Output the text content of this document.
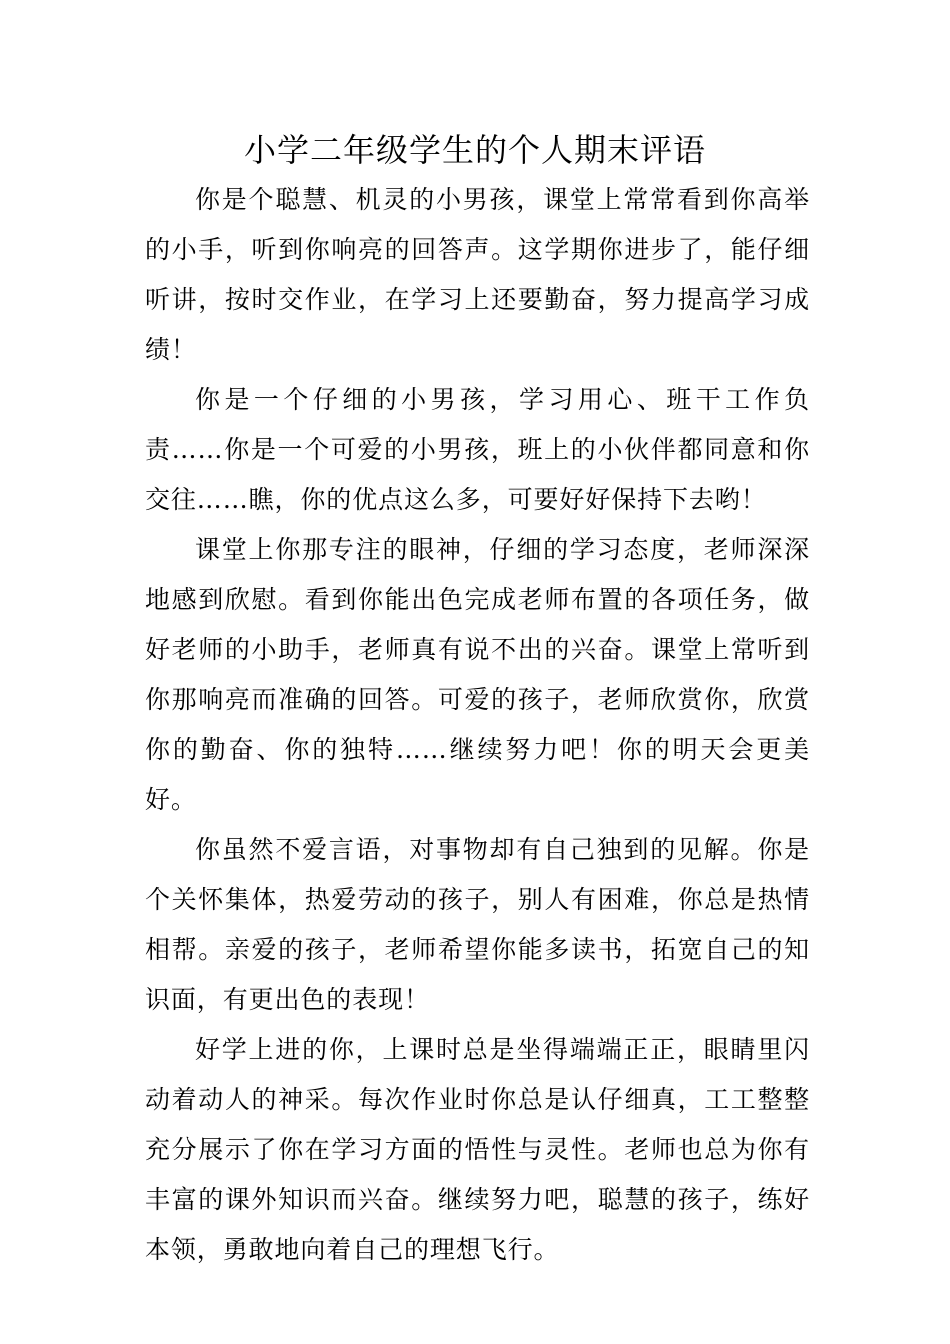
小学二年级学生的个人期末评语

你是个聪慧、机灵的小男孩，课堂上常常看到你高举的小手，听到你响亮的回答声。这学期你进步了，能仔细听讲，按时交作业，在学习上还要勤奋，努力提高学习成绩！

你是一个仔细的小男孩，学习用心、班干工作负责……你是一个可爱的小男孩，班上的小伙伴都同意和你交往……瞧，你的优点这么多，可要好好保持下去哟！

课堂上你那专注的眼神，仔细的学习态度，老师深深地感到欣慰。看到你能出色完成老师布置的各项任务，做好老师的小助手，老师真有说不出的兴奋。课堂上常听到你那响亮而准确的回答。可爱的孩子，老师欣赏你，欣赏你的勤奋、你的独特……继续努力吧！你的明天会更美好。

你虽然不爱言语，对事物却有自己独到的见解。你是个关怀集体，热爱劳动的孩子，别人有困难，你总是热情相帮。亲爱的孩子，老师希望你能多读书，拓宽自己的知识面，有更出色的表现！

好学上进的你，上课时总是坐得端端正正，眼睛里闪动着动人的神采。每次作业时你总是认仔细真，工工整整充分展示了你在学习方面的悟性与灵性。老师也总为你有丰富的课外知识而兴奋。继续努力吧，聪慧的孩子，练好本领，勇敢地向着自己的理想飞行。
